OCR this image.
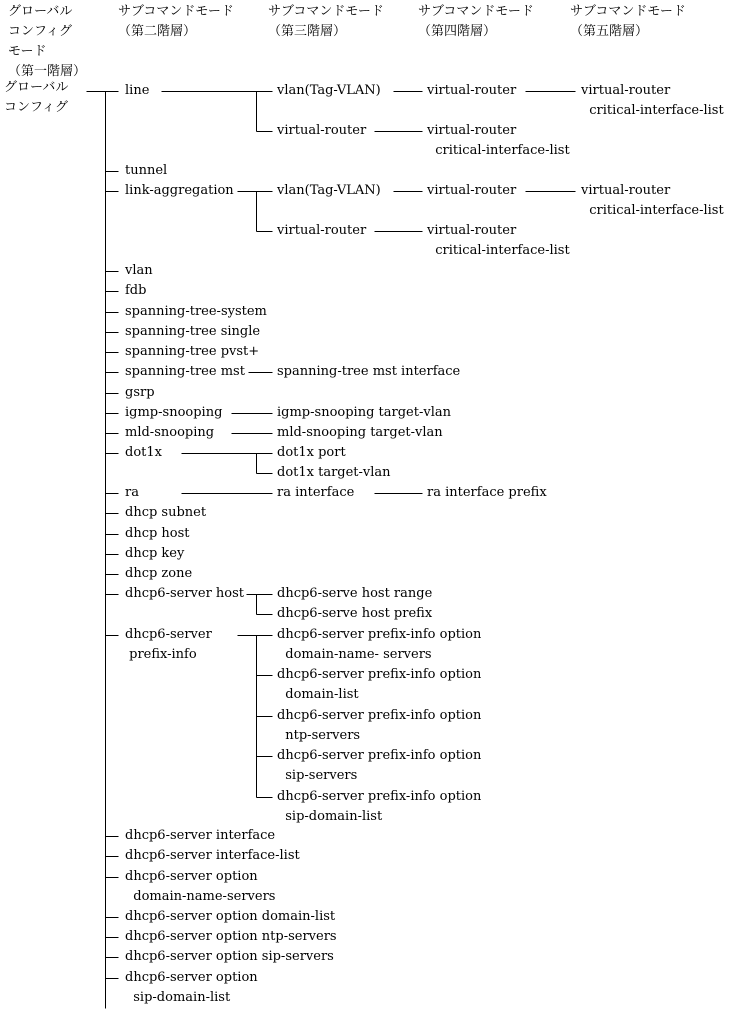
グローバル
コンフィグ
モード
（第一階層）
サブコマンドモード
（第二階層）
サブコマンドモード
（第三階層）
サブコマンドモード
（第四階層）
サブコマンドモード
（第五階層）
グローバル
コンフィグ
line
tunnel
link-aggregation
vlan
fdb
spanning-tree-system
spanning-tree single
spanning-tree pvst+
spanning-tree mst
gsrp
igmp-snooping
mld-snooping
dot1x
ra
dhcp subnet
dhcp host
dhcp key
dhcp zone
dhcp6-server host
dhcp6-server
prefix-info
dhcp6-server interface
dhcp6-server interface-list
dhcp6-server option
domain-name-servers
dhcp6-server option domain-list
dhcp6-server option ntp-servers
dhcp6-server option sip-servers
dhcp6-server option
sip-domain-list
vlan(Tag-VLAN)
virtual-router
vlan(Tag-VLAN)
virtual-router
spanning-tree mst interface
igmp-snooping target-vlan
mld-snooping target-vlan
dot1x port
dot1x target-vlan
ra interface
dhcp6-serve host range
dhcp6-serve host prefix
dhcp6-server prefix-info option
domain-name- servers
dhcp6-server prefix-info option
domain-list
dhcp6-server prefix-info option
ntp-servers
dhcp6-server prefix-info option
sip-servers
dhcp6-server prefix-info option
sip-domain-list
virtual-router
virtual-router
critical-interface-list
virtual-router
virtual-router
critical-interface-list
ra interface prefix
virtual-router
critical-interface-list
virtual-router
critical-interface-list
